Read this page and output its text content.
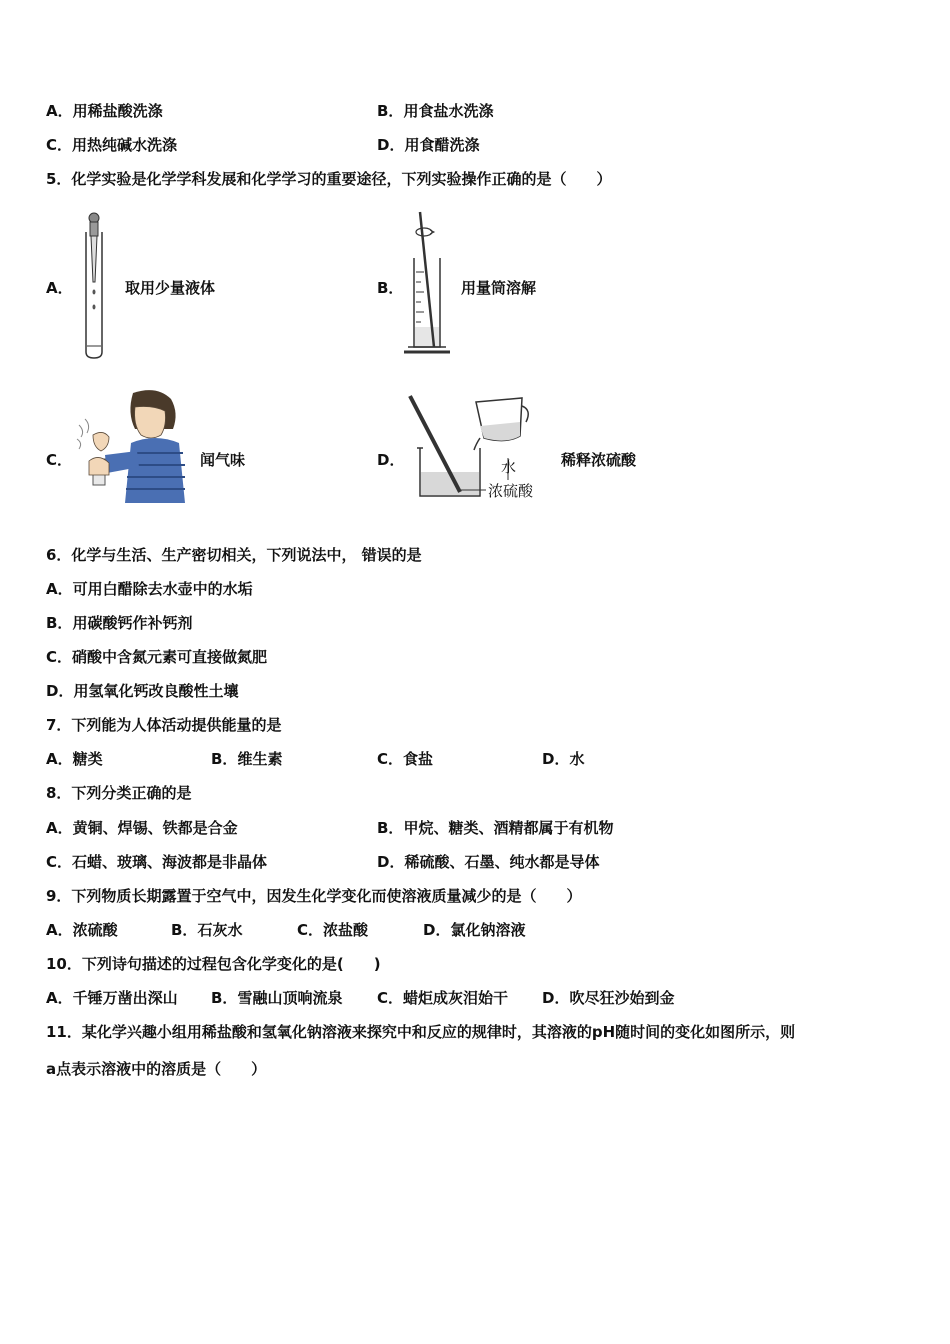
A．用稀盐酸洗涤	B．用食盐水洗涤
C．用热纯碱水洗涤	D．用食醋洗涤
5．化学实验是化学学科发展和化学学习的重要途径，下列实验操作正确的是（　　）
A．	取用少量液体	B．	用量筒溶解
C．	闻气味	D．	水
浓硫酸
稀释浓硫酸
6．化学与生活、生产密切相关，下列说法中， 错误的是
A．可用白醋除去水壶中的水垢
B．用碳酸钙作补钙剂
C．硝酸中含氮元素可直接做氮肥
D．用氢氧化钙改良酸性土壤
7．下列能为人体活动提供能量的是
A．糖类	B．维生素	C．食盐	D．水
8．下列分类正确的是
A．黄铜、焊锡、铁都是合金	B．甲烷、糖类、酒精都属于有机物
C．石蜡、玻璃、海波都是非晶体	D．稀硫酸、石墨、纯水都是导体
9．下列物质长期露置于空气中，因发生化学变化而使溶液质量减少的是（　　）
A．浓硫酸	B．石灰水	C．浓盐酸	D．氯化钠溶液
10．下列诗句描述的过程包含化学变化的是(　　)
A．千锤万凿出深山 B．雪融山顶响流泉 C．蜡炬成灰泪始干 D．吹尽狂沙始到金
11．某化学兴趣小组用稀盐酸和氢氧化钠溶液来探究中和反应的规律时，其溶液的pH随时间的变化如图所示，则
a点表示溶液中的溶质是（　　）
